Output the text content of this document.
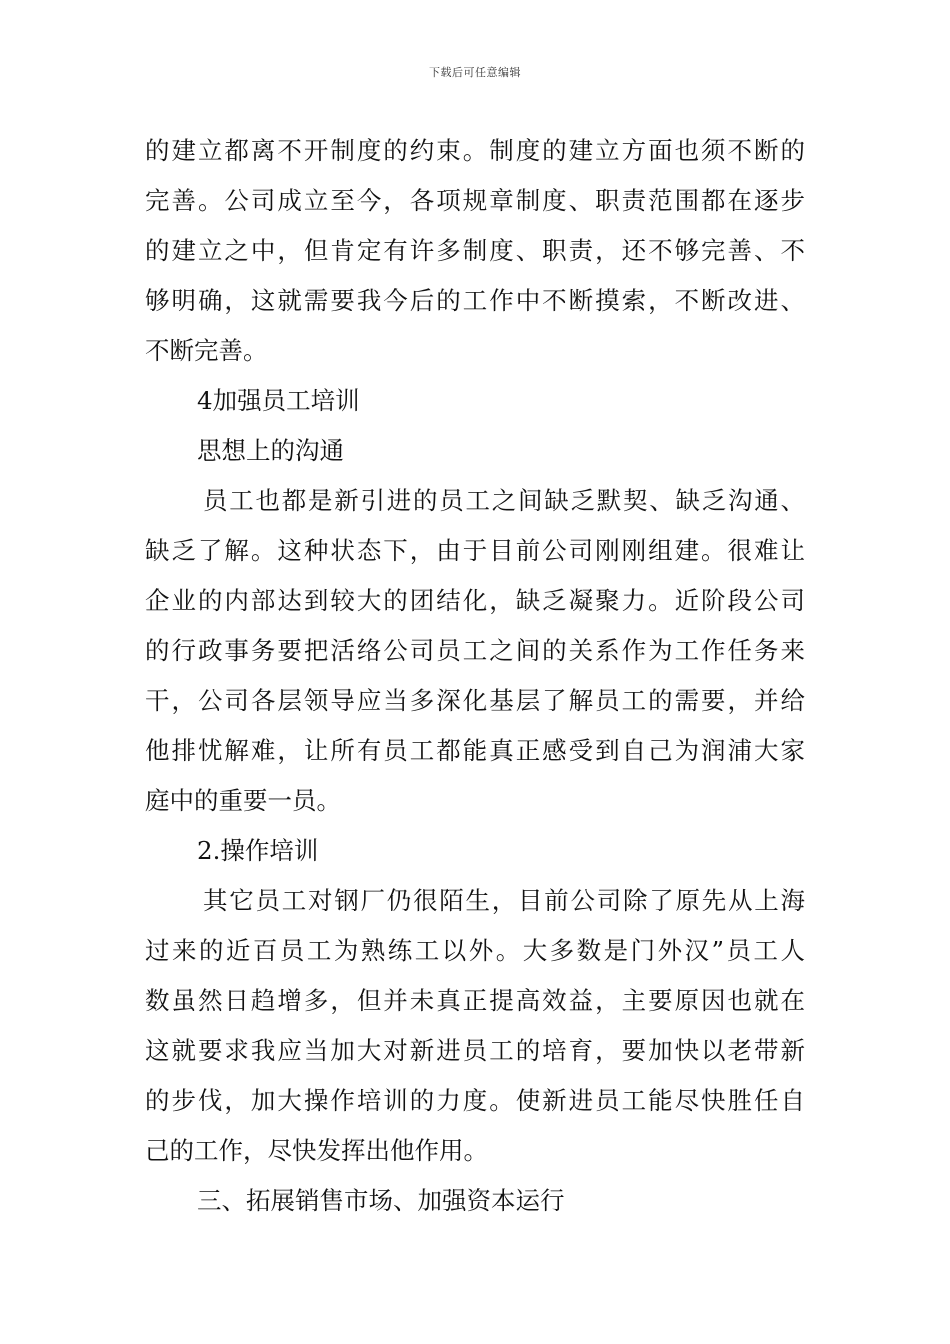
下载后可任意编辑
的建立都离不开制度的约束。制度的建立方面也须不断的
完善。公司成立至今，各项规章制度、职责范围都在逐步
的建立之中，但肯定有许多制度、职责，还不够完善、不
够明确，这就需要我今后的工作中不断摸索，不断改进、
不断完善。
4加强员工培训
思想上的沟通
员工也都是新引进的员工之间缺乏默契、缺乏沟通、
缺乏了解。这种状态下，由于目前公司刚刚组建。很难让
企业的内部达到较大的团结化，缺乏凝聚力。近阶段公司
的行政事务要把活络公司员工之间的关系作为工作任务来
干，公司各层领导应当多深化基层了解员工的需要，并给
他排忧解难，让所有员工都能真正感受到自己为润浦大家
庭中的重要一员。
2.操作培训
其它员工对钢厂仍很陌生，目前公司除了原先从上海
过来的近百员工为熟练工以外。大多数是门外汉”员工人
数虽然日趋增多，但并未真正提高效益，主要原因也就在
这就要求我应当加大对新进员工的培育，要加快以老带新
的步伐，加大操作培训的力度。使新进员工能尽快胜任自
己的工作，尽快发挥出他作用。
三、拓展销售市场、加强资本运行
